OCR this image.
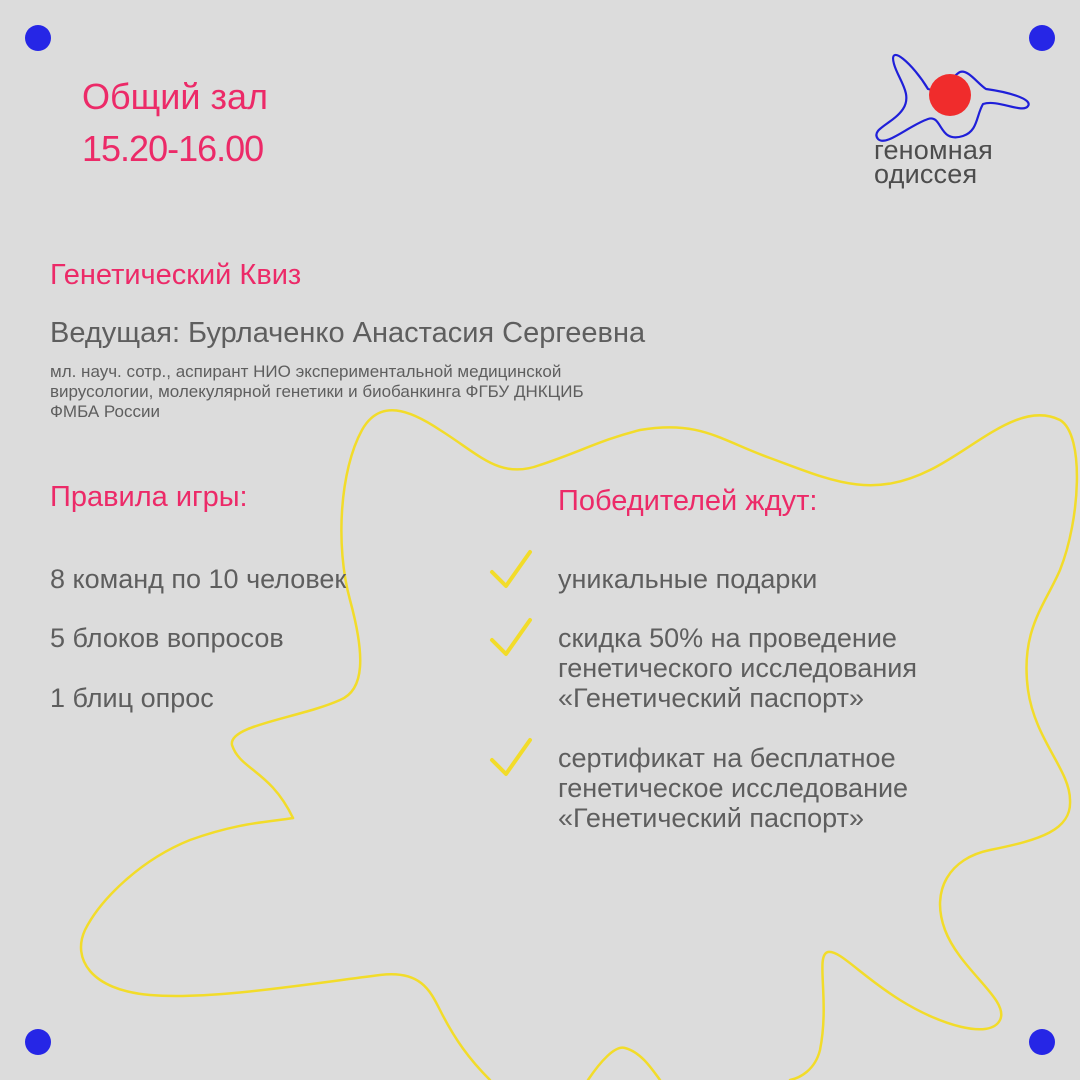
Общий зал
15.20-16.00	геномная
одиссея
Генетический Квиз
Ведущая: Бурлаченко Анастасия Сергеевна
мл. науч. сотр., аспирант НИО экспериментальной медицинской
вирусологии, молекулярной генетики и биобанкинга ФГБУ ДНКЦИБ
ФМБА России
Правила игры:
8 команд по 10 человек
5 блоков вопросов
1 блиц опрос
Победителей ждут:
уникальные подарки
скидка 50% на проведение
генетического исследования
«Генетический паспорт»
сертификат на бесплатное
генетическое исследование
«Генетический паспорт»
